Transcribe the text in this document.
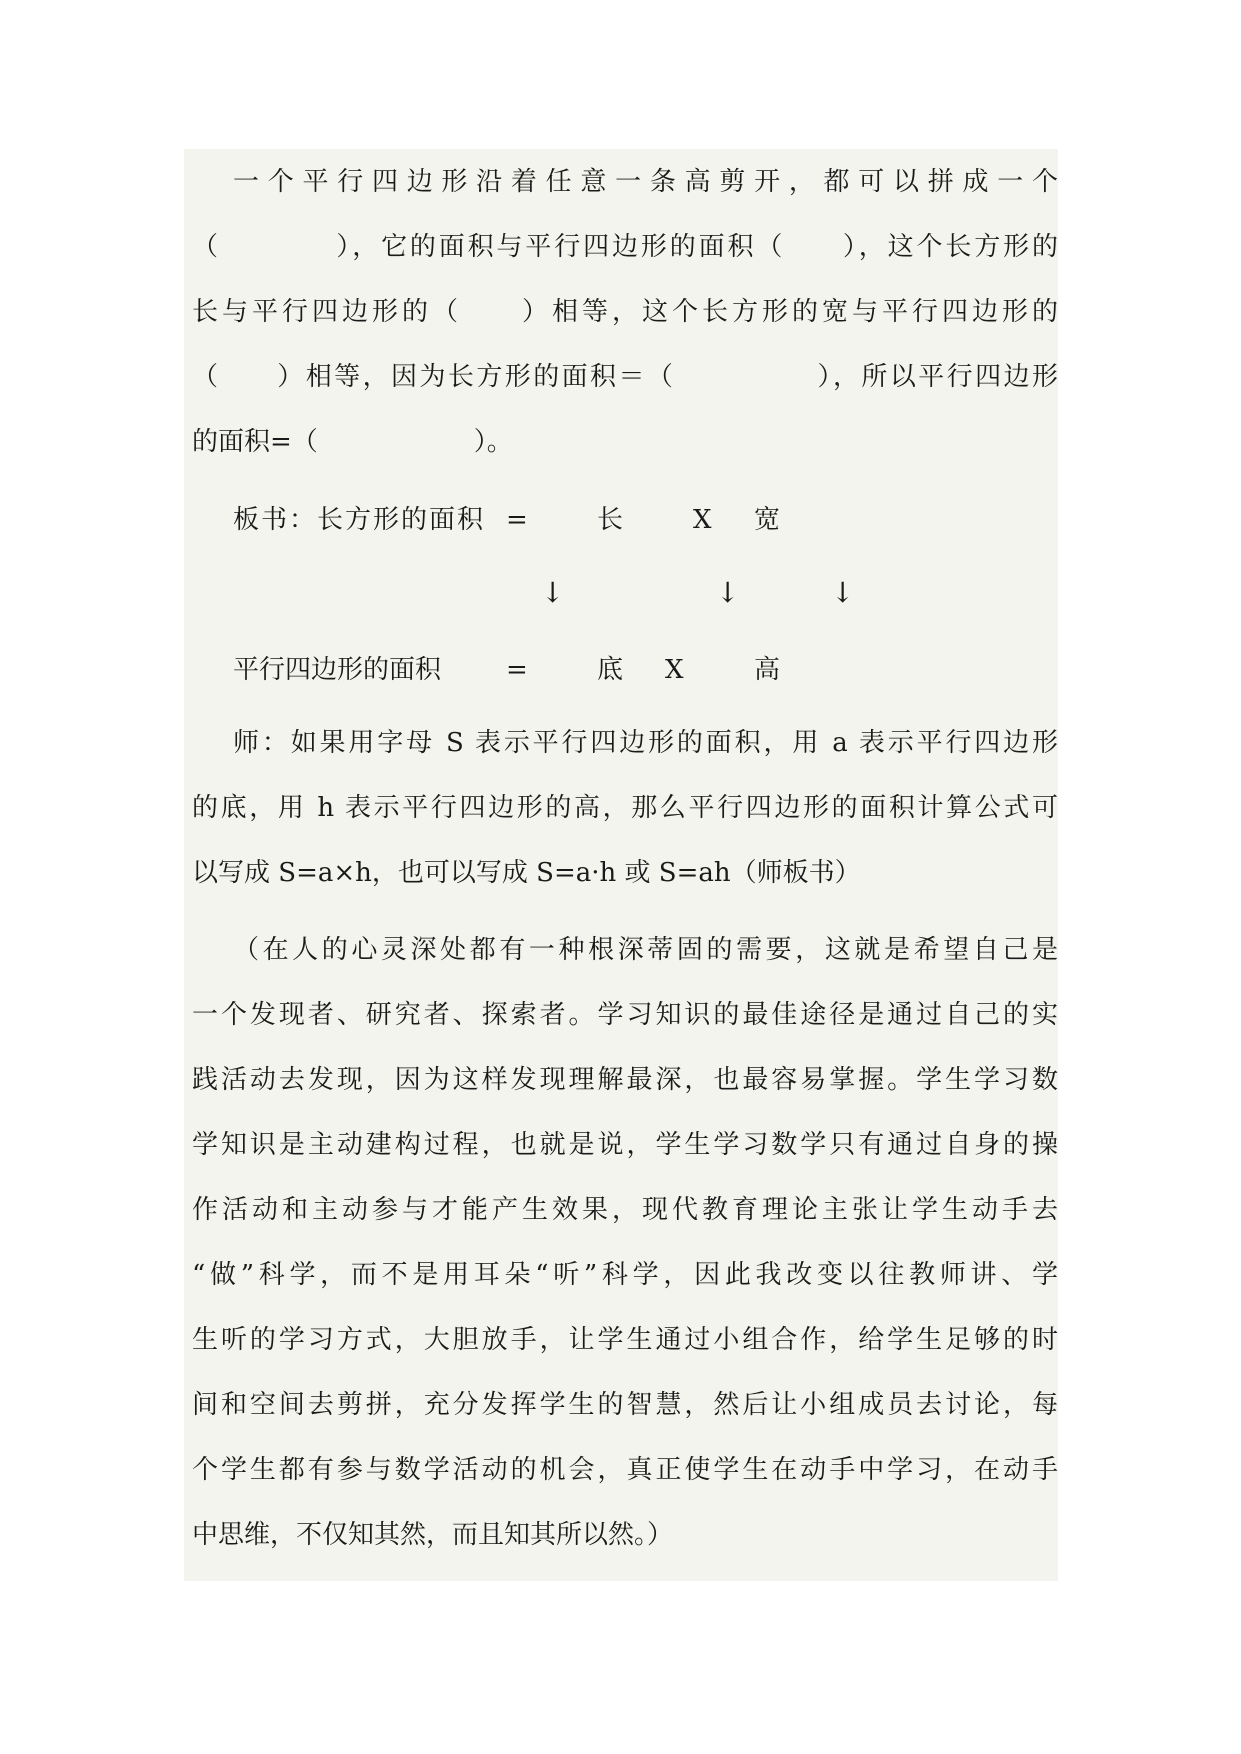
一个平行四边形沿着任意一条高剪开，都可以拼成一个
（　　　　），它的面积与平行四边形的面积（　　），这个长方形的
长与平行四边形的（　　）相等，这个长方形的宽与平行四边形的
（　　）相等，因为长方形的面积＝（　　　　　），所以平行四边形
的面积=（　　　　　　）。
板书：长方形的面积 =	长	X 宽
↓	↓	↓
平行四边形的面积 =	底 X	高
师：如果用字母 S 表示平行四边形的面积，用 a 表示平行四边形
的底，用 h 表示平行四边形的高，那么平行四边形的面积计算公式可
以写成 S=a×h，也可以写成 S=a·h 或 S=ah（师板书）
（在人的心灵深处都有一种根深蒂固的需要，这就是希望自己是
一个发现者、研究者、探索者。学习知识的最佳途径是通过自己的实
践活动去发现，因为这样发现理解最深，也最容易掌握。学生学习数
学知识是主动建构过程，也就是说，学生学习数学只有通过自身的操
作活动和主动参与才能产生效果，现代教育理论主张让学生动手去
“做”科学，而不是用耳朵“听”科学，因此我改变以往教师讲、学
生听的学习方式，大胆放手，让学生通过小组合作，给学生足够的时
间和空间去剪拼，充分发挥学生的智慧，然后让小组成员去讨论，每
个学生都有参与数学活动的机会，真正使学生在动手中学习，在动手
中思维，不仅知其然，而且知其所以然。）
